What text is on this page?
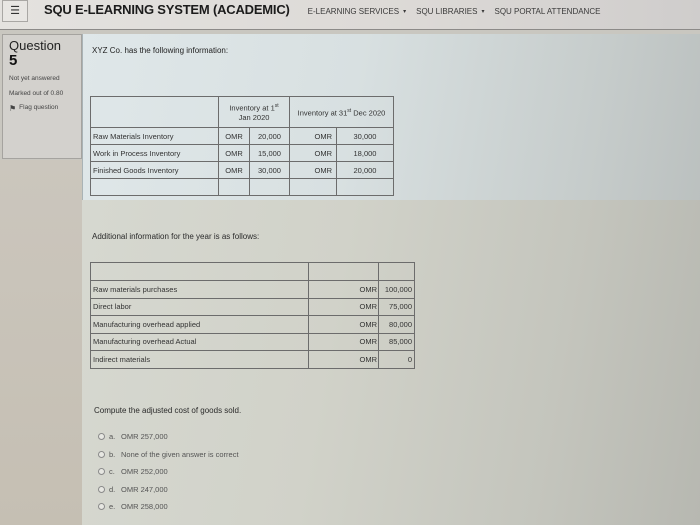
☰ SQU E-LEARNING SYSTEM (ACADEMIC) E-LEARNING SERVICES ▾ SQU LIBRARIES ▾ SQU PORTAL ATTENDANCE
Question
5
Not yet answered
Marked out of 0.80
⚑ Flag question
XYZ Co. has the following information:
	Inventory at 1st
Jan 2020		Inventory at 31st Dec 2020	
Raw Materials Inventory	OMR	20,000	OMR	30,000
Work in Process Inventory	OMR	15,000	OMR	18,000
Finished Goods Inventory	OMR	30,000	OMR	20,000

Additional information for the year is as follows:

Raw materials purchases	OMR	100,000
Direct labor	OMR	75,000
Manufacturing overhead applied	OMR	80,000
Manufacturing overhead Actual	OMR	85,000
Indirect materials	OMR	0
Compute the adjusted cost of goods sold.
a. OMR 257,000
b. None of the given answer is correct
c. OMR 252,000
d. OMR 247,000
e. OMR 258,000
